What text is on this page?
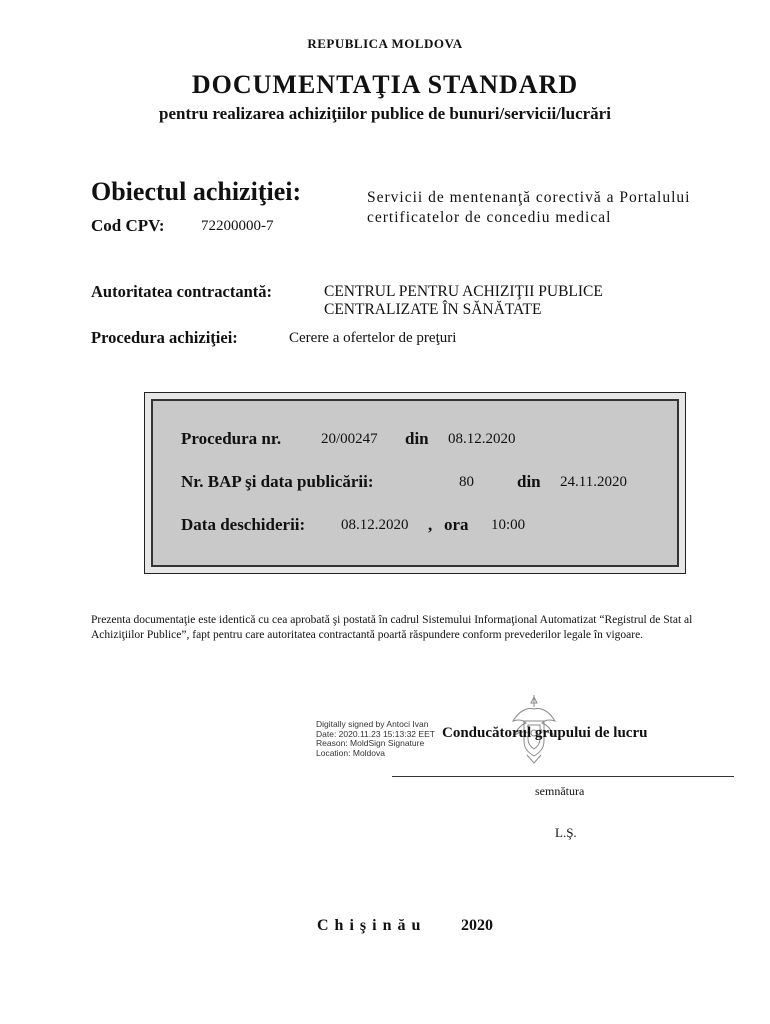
REPUBLICA MOLDOVA
DOCUMENTAŢIA STANDARD
pentru realizarea achiziţiilor publice de bunuri/servicii/lucrări
Obiectul achiziţiei:	Servicii de mentenanţă corectivă a Portalului certificatelor de concediu medical
Cod CPV: 72200000-7
Autoritatea contractantă:	CENTRUL PENTRU ACHIZIŢII PUBLICE
CENTRALIZATE ÎN SĂNĂTATE
Procedura achiziţiei:	Cerere a ofertelor de preţuri
Procedura nr.	20/00247 din 08.12.2020
Nr. BAP şi data publicării:	80	din 24.11.2020
Data deschiderii: 08.12.2020 , ora 10:00
Prezenta documentaţie este identică cu cea aprobată şi postată în cadrul Sistemului Informaţional Automatizat “Registrul de Stat al Achiziţiilor Publice”, fapt pentru care autoritatea contractantă poartă răspundere conform prevederilor legale în vigoare.
Digitally signed by Antoci Ivan
Date: 2020.11.23 15:13:32 EET
Reason: MoldSign Signature
Location: Moldova
Conducătorul grupului de lucru
semnătura
L.Ş.
Chişinău 2020
